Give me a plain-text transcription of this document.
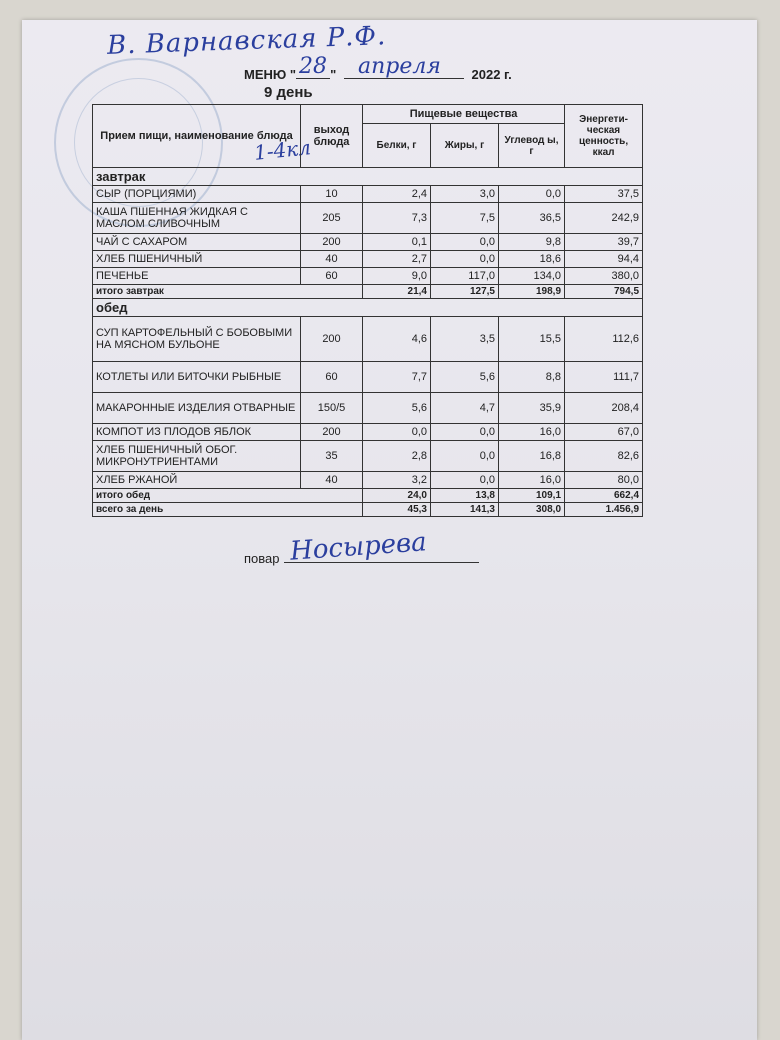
В. Варнавская Р.Ф.
МЕНЮ "	"	2022 г.
28 апреля
9 день
1-4кл
Прием пищи, наименование блюда	выход блюда	Пищевые вещества			Энергети- ческая ценность, ккал
		Белки, г	Жиры, г	Углевод ы, г	
завтрак					
СЫР (ПОРЦИЯМИ)	10	2,4	3,0	0,0	37,5
КАША ПШЕННАЯ ЖИДКАЯ С МАСЛОМ СЛИВОЧНЫМ	205	7,3	7,5	36,5	242,9
ЧАЙ С САХАРОМ	200	0,1	0,0	9,8	39,7
ХЛЕБ ПШЕНИЧНЫЙ	40	2,7	0,0	18,6	94,4
ПЕЧЕНЬЕ	60	9,0	117,0	134,0	380,0
итого завтрак		21,4	127,5	198,9	794,5
обед					
СУП КАРТОФЕЛЬНЫЙ С БОБОВЫМИ НА МЯСНОМ БУЛЬОНЕ	200	4,6	3,5	15,5	112,6
КОТЛЕТЫ ИЛИ БИТОЧКИ РЫБНЫЕ	60	7,7	5,6	8,8	111,7
МАКАРОННЫЕ ИЗДЕЛИЯ ОТВАРНЫЕ	150/5	5,6	4,7	35,9	208,4
КОМПОТ ИЗ ПЛОДОВ ЯБЛОК	200	0,0	0,0	16,0	67,0
ХЛЕБ ПШЕНИЧНЫЙ ОБОГ. МИКРОНУТРИЕНТАМИ	35	2,8	0,0	16,8	82,6
ХЛЕБ РЖАНОЙ	40	3,2	0,0	16,0	80,0
итого обед		24,0	13,8	109,1	662,4
всего за день		45,3	141,3	308,0	1.456,9
повар Носырева
